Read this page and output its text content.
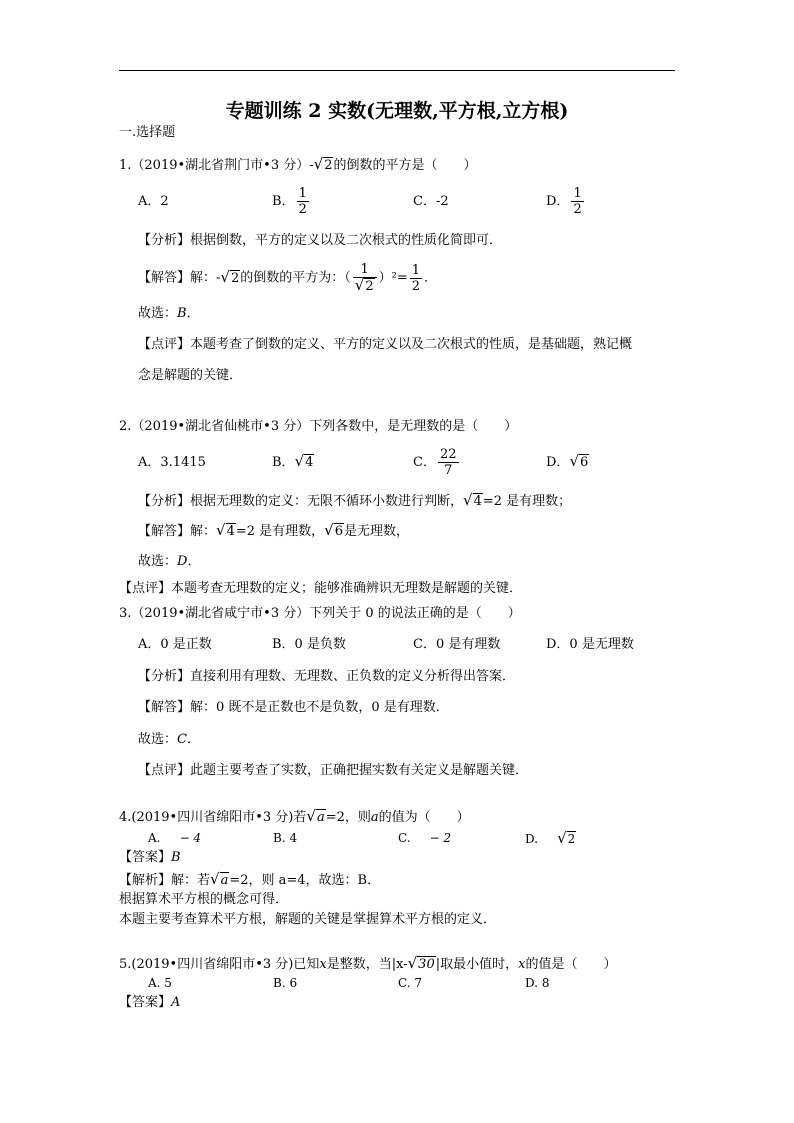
专题训练 2 实数(无理数,平方根,立方根)
一.选择题
1.（2019•湖北省荆门市•3 分）-√2的倒数的平方是（　　）
A．2	B． $\frac{1}{2}$	C．-2	D． $\frac{1}{2}$
【分析】根据倒数，平方的定义以及二次根式的性质化简即可．
【解答】解：-√2的倒数的平方为：（ $\frac{1}{√2} )^2= \frac{1}{2}$ ．
故选：B．
【点评】本题考查了倒数的定义、平方的定义以及二次根式的性质，是基础题，熟记概
念是解题的关键．
2.（2019•湖北省仙桃市•3 分）下列各数中，是无理数的是（　　）
A．3.1415	B．√4	C． $\frac{22}{7}$	D．√6
【分析】根据无理数的定义：无限不循环小数进行判断，√4=2 是有理数；
【解答】解：√4=2 是有理数，√6是无理数，
故选：D．
【点评】本题考查无理数的定义；能够准确辨识无理数是解题的关键．
3.（2019•湖北省咸宁市•3 分）下列关于 0 的说法正确的是（　　）
A．0 是正数	B．0 是负数	C．0 是有理数	D．0 是无理数
【分析】直接利用有理数、无理数、正负数的定义分析得出答案．
【解答】解：0 既不是正数也不是负数，0 是有理数．
故选：C．
【点评】此题主要考查了实数，正确把握实数有关定义是解题关键．
4.(2019•四川省绵阳市•3 分)若√a=2，则a的值为（　　）
A. − 4	B. 4	C. − 2	D. √2
【答案】B
【解析】解：若√a=2，则 a=4，故选：B．
根据算术平方根的概念可得．
本题主要考查算术平方根，解题的关键是掌握算术平方根的定义．
5.(2019•四川省绵阳市•3 分)已知x是整数，当|x-√30|取最小值时，x的值是（　　）
A. 5	B. 6	C. 7	D. 8
【答案】A
